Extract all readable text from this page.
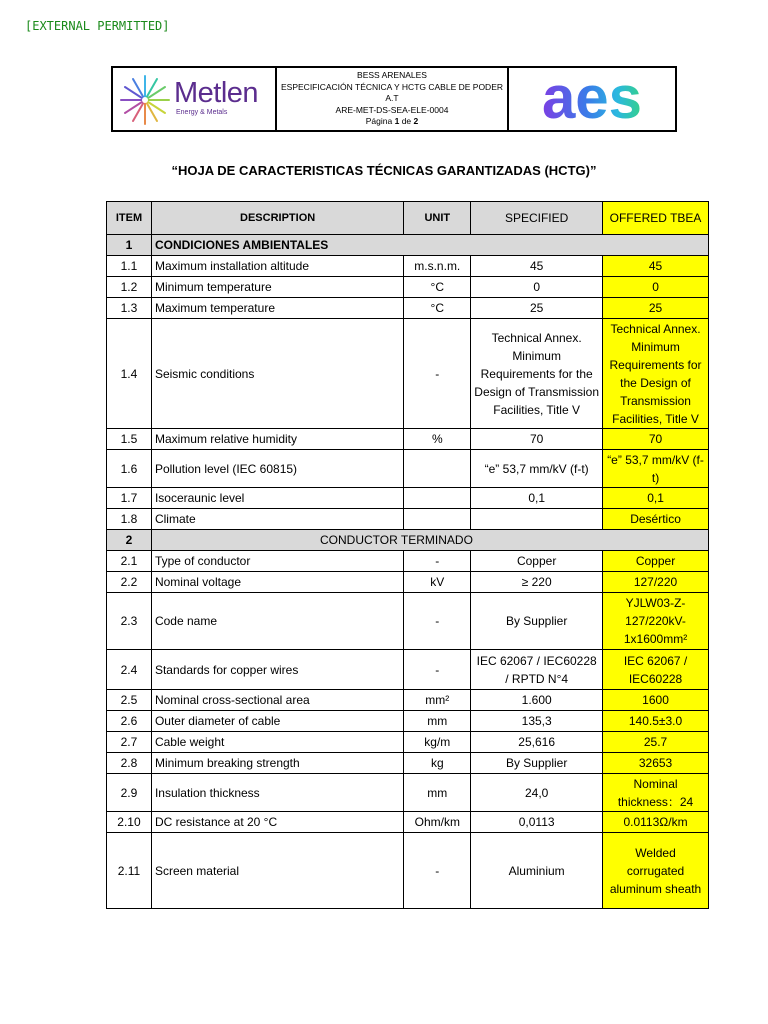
[EXTERNAL PERMITTED]
Metlen
Energy & Metals
BESS ARENALES
ESPECIFICACIÓN TÉCNICA Y HCTG CABLE DE PODER
A.T
ARE-MET-DS-SEA-ELE-0004
Página 1 de 2 aes
“HOJA DE CARACTERISTICAS TÉCNICAS GARANTIZADAS (HCTG)”
ITEM	DESCRIPTION	UNIT	SPECIFIED	OFFERED TBEA
1	CONDICIONES AMBIENTALES			
1.1	Maximum installation altitude	m.s.n.m.	45	45
1.2	Minimum temperature	°C	0	0
1.3	Maximum temperature	°C	25	25
1.4	Seismic conditions	-	Technical Annex. Minimum Requirements for the Design of Transmission Facilities, Title V	Technical Annex. Minimum Requirements for the Design of Transmission Facilities, Title V
1.5	Maximum relative humidity	%	70	70
1.6	Pollution level (IEC 60815)		“e” 53,7 mm/kV (f-t)	“e” 53,7 mm/kV (f-t)
1.7	Isoceraunic level		0,1	0,1
1.8	Climate			Desértico
2	CONDUCTOR TERMINADO			
2.1	Type of conductor	-	Copper	Copper
2.2	Nominal voltage	kV	≥ 220	127/220
2.3	Code name	-	By Supplier	YJLW03-Z-127/220kV-1x1600mm²
2.4	Standards for copper wires	-	IEC 62067 / IEC60228 / RPTD N°4	IEC 62067 / IEC60228
2.5	Nominal cross-sectional area	mm²	1.600	1600
2.6	Outer diameter of cable	mm	135,3	140.5±3.0
2.7	Cable weight	kg/m	25,616	25.7
2.8	Minimum breaking strength	kg	By Supplier	32653
2.9	Insulation thickness	mm	24,0	Nominal thickness：24
2.10	DC resistance at 20 °C	Ohm/km	0,0113	0.0113Ω/km
2.11	Screen material	-	Aluminium	Welded corrugated aluminum sheath
